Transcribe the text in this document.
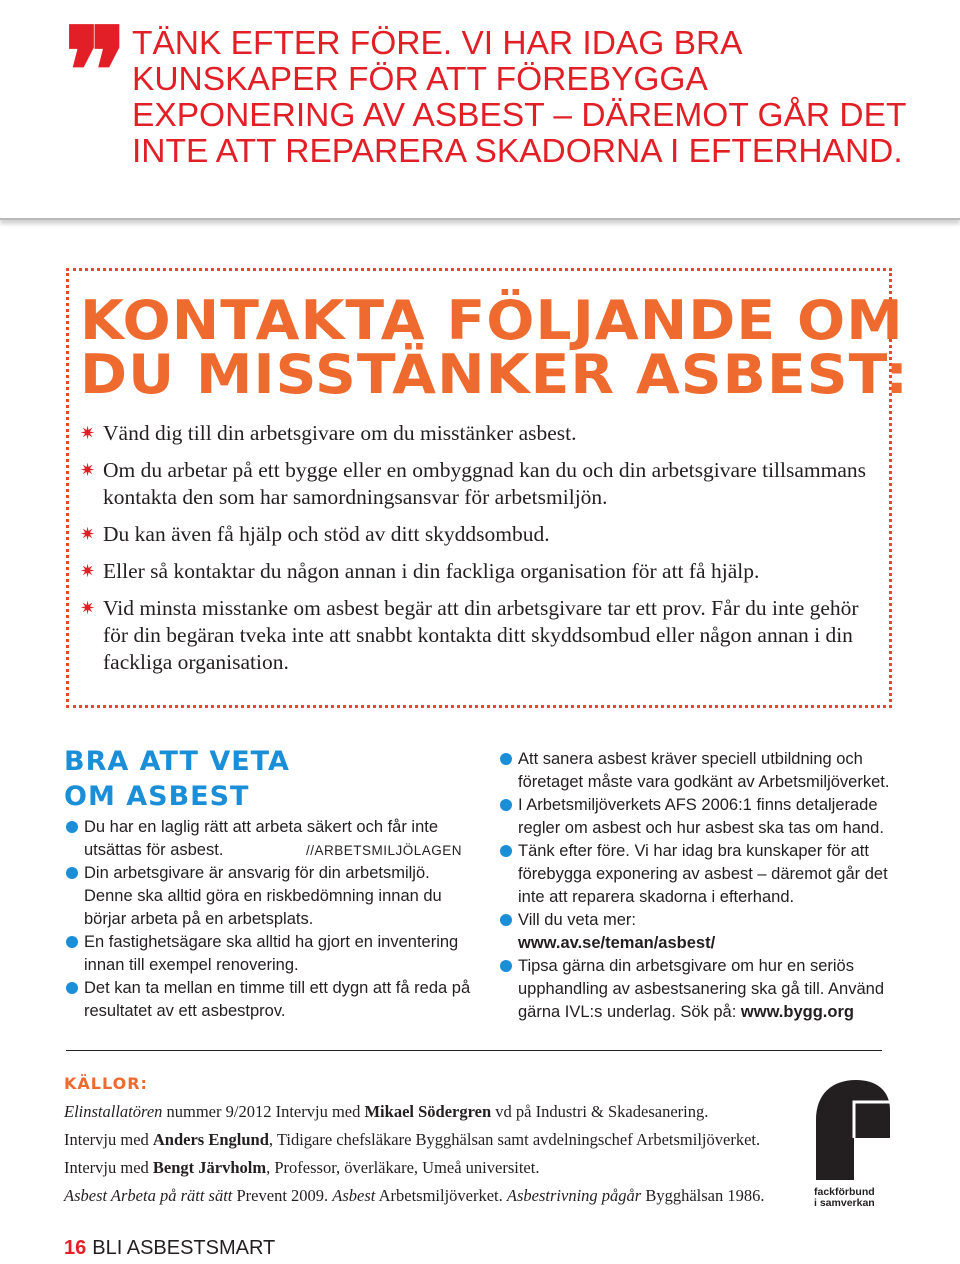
❞ TÄNK EFTER FÖRE. VI HAR IDAG BRA KUNSKAPER FÖR ATT FÖREBYGGA EXPONERING AV ASBEST – DÄREMOT GÅR DET INTE ATT REPARERA SKADORNA I EFTERHAND.
KONTAKTA FÖLJANDE OM
DU MISSTÄNKER ASBEST:
✷ Vänd dig till din arbetsgivare om du misstänker asbest.
✷ Om du arbetar på ett bygge eller en ombyggnad kan du och din arbetsgivare tillsammans kontakta den som har samordningsansvar för arbetsmiljön.
✷ Du kan även få hjälp och stöd av ditt skyddsombud.
✷ Eller så kontaktar du någon annan i din fackliga organisation för att få hjälp.
✷ Vid minsta misstanke om asbest begär att din arbetsgivare tar ett prov. Får du inte gehör för din begäran tveka inte att snabbt kontakta ditt skyddsombud eller någon annan i din fackliga organisation.
BRA ATT VETA
OM ASBEST
Du har en laglig rätt att arbeta säkert och får inte utsättas för asbest.	//ARBETSMILJÖLAGEN
Din arbetsgivare är ansvarig för din arbetsmiljö. Denne ska alltid göra en riskbedömning innan du börjar arbeta på en arbetsplats.
En fastighetsägare ska alltid ha gjort en inventering innan till exempel renovering.
Det kan ta mellan en timme till ett dygn att få reda på resultatet av ett asbestprov.
Att sanera asbest kräver speciell utbildning och företaget måste vara godkänt av Arbetsmiljöverket.
I Arbetsmiljöverkets AFS 2006:1 finns detaljerade regler om asbest och hur asbest ska tas om hand.
Tänk efter före. Vi har idag bra kunskaper för att förebygga exponering av asbest – däremot går det inte att reparera skadorna i efterhand.
Vill du veta mer:
www.av.se/teman/asbest/
Tipsa gärna din arbetsgivare om hur en seriös upphandling av asbestsanering ska gå till. Använd gärna IVL:s underlag. Sök på: www.bygg.org
KÄLLOR:
Elinstallatören nummer 9/2012 Intervju med Mikael Södergren vd på Industri & Skadesanering.
Intervju med Anders Englund, Tidigare chefsläkare Bygghälsan samt avdelningschef Arbetsmiljöverket.
Intervju med Bengt Järvholm, Professor, överläkare, Umeå universitet.
Asbest Arbeta på rätt sätt Prevent 2009. Asbest Arbetsmiljöverket. Asbestrivning pågår Bygghälsan 1986.	fackförbund
i samverkan
16 BLI ASBESTSMART
